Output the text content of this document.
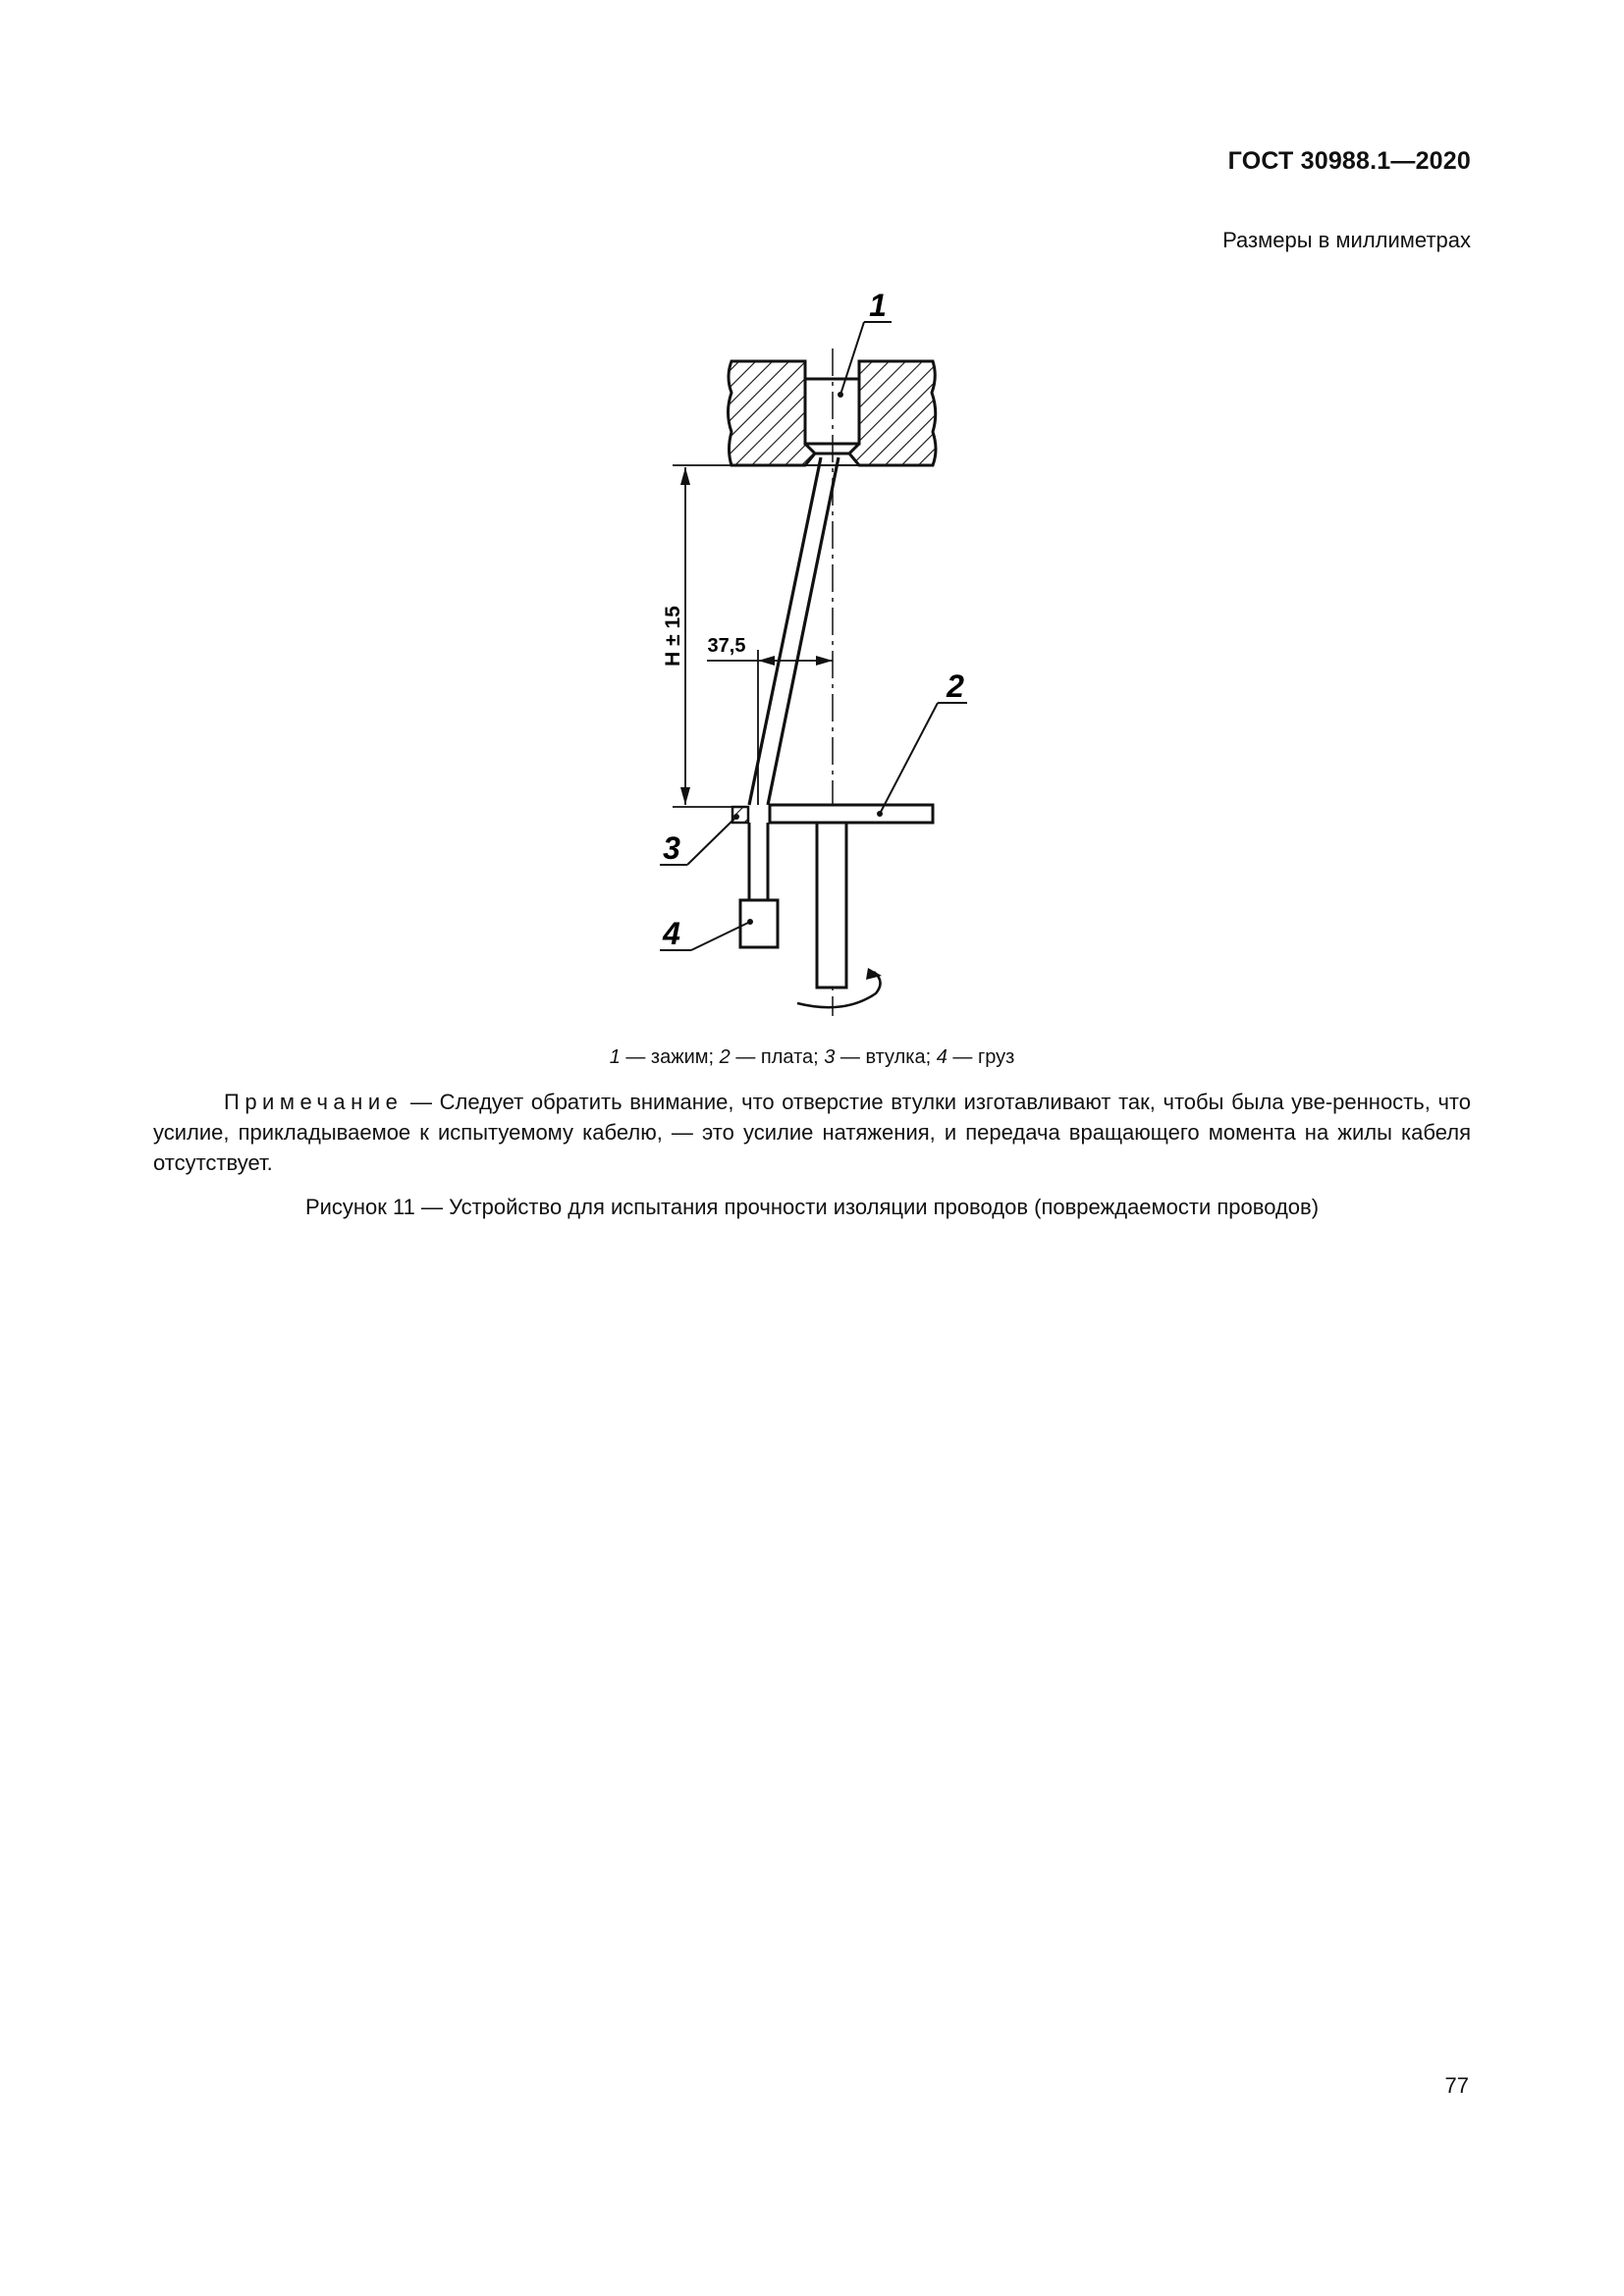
ГОСТ 30988.1—2020
Размеры в миллиметрах
H ± 15 37,5
1
2
3
4
1 — зажим; 2 — плата; 3 — втулка; 4 — груз
Примечание — Следует обратить внимание, что отверстие втулки изготавливают так, чтобы была уве-ренность, что усилие, прикладываемое к испытуемому кабелю, — это усилие натяжения, и передача вращающего момента на жилы кабеля отсутствует.
Рисунок 11 — Устройство для испытания прочности изоляции проводов (повреждаемости проводов)
77
